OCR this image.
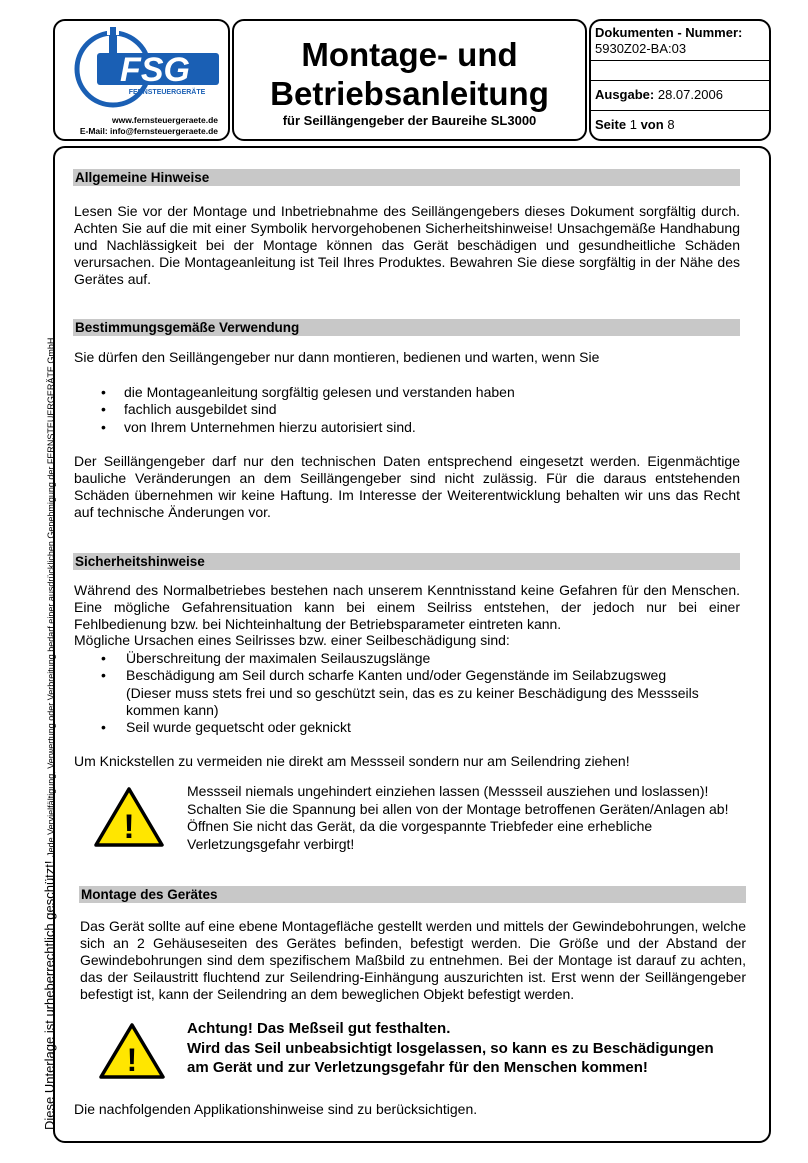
FSG
FERNSTEUERGERÄTE
www.fernsteuergeraete.de
E-Mail: info@fernsteuergeraete.de
Montage- und
Betriebsanleitung
für Seillängengeber der Baureihe SL3000
Dokumenten - Nummer:
5930Z02-BA:03
Ausgabe: 28.07.2006
Seite 1 von 8
Diese Unterlage ist urheberrechtlich geschützt! Jede Vervielfältigung, Verwertung oder Verbreitung bedarf einer ausdrücklichen Genehmigung der FERNSTEUERGERÄTE GmbH.
Allgemeine Hinweise
Lesen Sie vor der Montage und Inbetriebnahme des Seillängengebers dieses Dokument sorgfältig durch. Achten Sie auf die mit einer Symbolik hervorgehobenen Sicherheitshinweise! Unsachgemäße Handhabung und Nachlässigkeit bei der Montage können das Gerät beschädigen und gesundheitliche Schäden verursachen. Die Montageanleitung ist Teil Ihres Produktes. Bewahren Sie diese sorgfältig in der Nähe des Gerätes auf.
Bestimmungsgemäße Verwendung
Sie dürfen den Seillängengeber nur dann montieren, bedienen und warten, wenn Sie
• die Montageanleitung sorgfältig gelesen und verstanden haben
• fachlich ausgebildet sind
• von Ihrem Unternehmen hierzu autorisiert sind.
Der Seillängengeber darf nur den technischen Daten entsprechend eingesetzt werden. Eigenmächtige bauliche Veränderungen an dem Seillängengeber sind nicht zulässig. Für die daraus entstehenden Schäden übernehmen wir keine Haftung. Im Interesse der Weiterentwicklung behalten wir uns das Recht auf technische Änderungen vor.
Sicherheitshinweise
Während des Normalbetriebes bestehen nach unserem Kenntnisstand keine Gefahren für den Menschen. Eine mögliche Gefahrensituation kann bei einem Seilriss entstehen, der jedoch nur bei einer Fehlbedienung bzw. bei Nichteinhaltung der Betriebsparameter eintreten kann.
Mögliche Ursachen eines Seilrisses bzw. einer Seilbeschädigung sind:
• Überschreitung der maximalen Seilauszugslänge
• Beschädigung am Seil durch scharfe Kanten und/oder Gegenstände im Seilabzugsweg
(Dieser muss stets frei und so geschützt sein, das es zu keiner Beschädigung des Messseils kommen kann)
• Seil wurde gequetscht oder geknickt
Um Knickstellen zu vermeiden nie direkt am Messseil sondern nur am Seilendring ziehen!
!
Messseil niemals ungehindert einziehen lassen (Messseil ausziehen und loslassen)!
Schalten Sie die Spannung bei allen von der Montage betroffenen Geräten/Anlagen ab!
Öffnen Sie nicht das Gerät, da die vorgespannte Triebfeder eine erhebliche
Verletzungsgefahr verbirgt!
Montage des Gerätes
Das Gerät sollte auf eine ebene Montagefläche gestellt werden und mittels der Gewindebohrungen, welche sich an 2 Gehäuseseiten des Gerätes befinden, befestigt werden. Die Größe und der Abstand der Gewindebohrungen sind dem spezifischem Maßbild zu entnehmen. Bei der Montage ist darauf zu achten, das der Seilaustritt fluchtend zur Seilendring-Einhängung auszurichten ist. Erst wenn der Seillängengeber befestigt ist, kann der Seilendring an dem beweglichen Objekt befestigt werden.
!
Achtung! Das Meßseil gut festhalten.
Wird das Seil unbeabsichtigt losgelassen, so kann es zu Beschädigungen
am Gerät und zur Verletzungsgefahr für den Menschen kommen!
Die nachfolgenden Applikationshinweise sind zu berücksichtigen.
